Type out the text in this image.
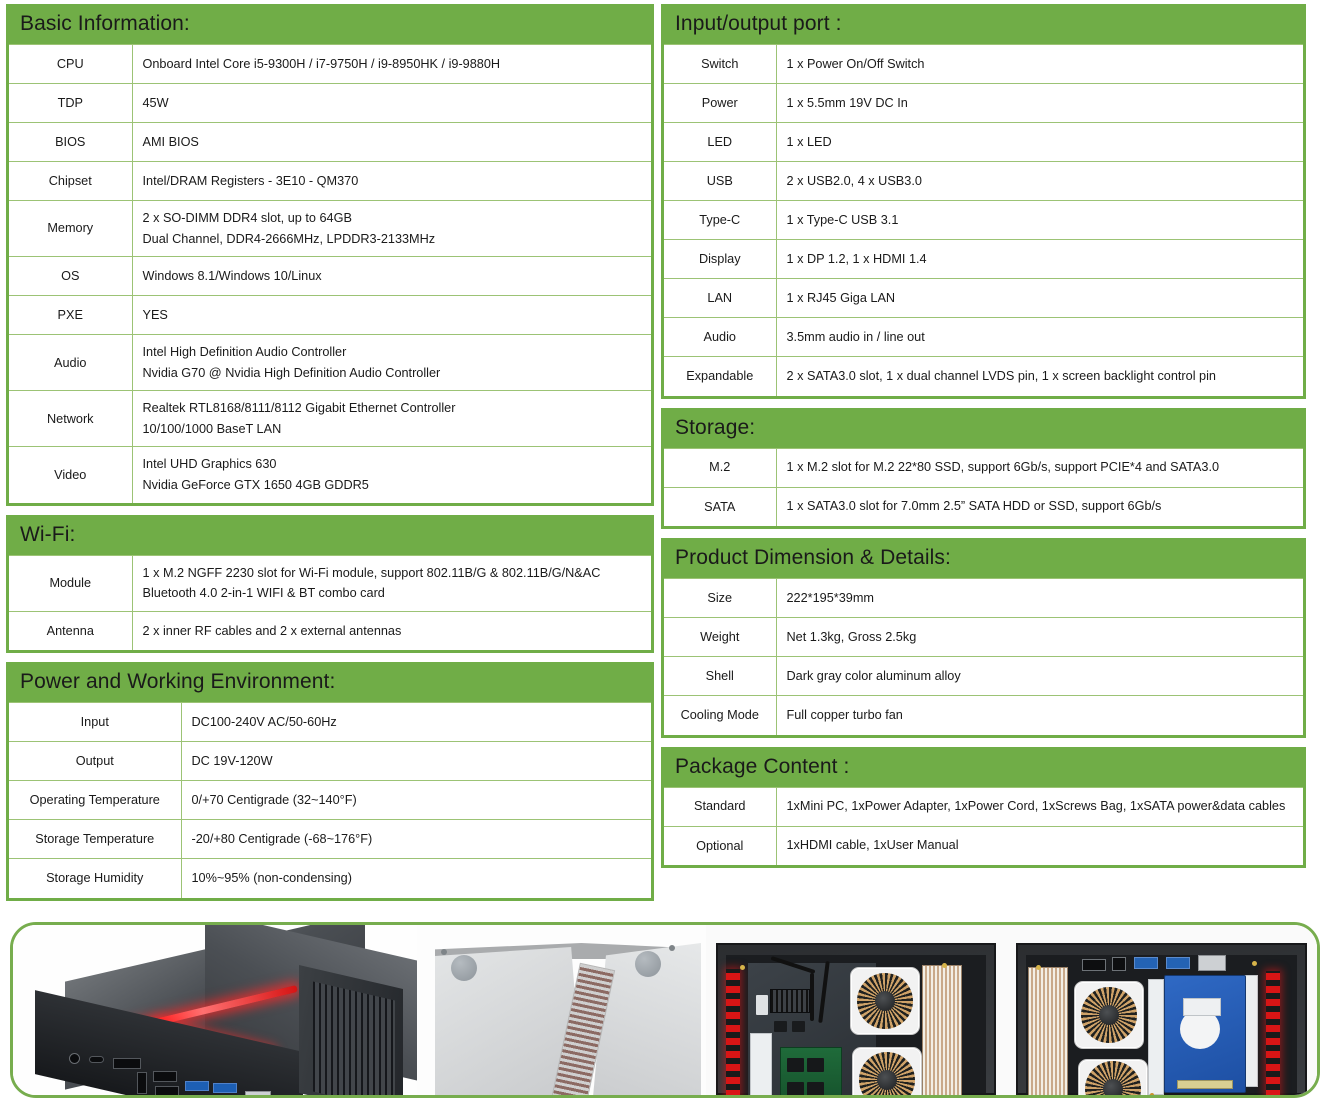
Basic Information:
CPU	Onboard Intel Core i5-9300H / i7-9750H / i9-8950HK / i9-9880H

TDP	45W

BIOS	AMI BIOS

Chipset	Intel/DRAM Registers - 3E10 - QM370

Memory	2 x SO-DIMM DDR4 slot, up to 64GB
Dual Channel, DDR4-2666MHz, LPDDR3-2133MHz

OS	Windows 8.1/Windows 10/Linux

PXE	YES

Audio	Intel High Definition Audio Controller
Nvidia G70 @ Nvidia High Definition Audio Controller

Network	Realtek RTL8168/8111/8112 Gigabit Ethernet Controller
10/100/1000 BaseT LAN

Video	Intel UHD Graphics 630
Nvidia GeForce GTX 1650 4GB GDDR5
Wi-Fi:
Module	1 x M.2 NGFF 2230 slot for Wi-Fi module, support 802.11B/G & 802.11B/G/N&AC
Bluetooth 4.0 2-in-1 WIFI & BT combo card

Antenna	2 x inner RF cables and 2 x external antennas
Power and Working Environment:
Input	DC100-240V AC/50-60Hz

Output	DC 19V-120W

Operating Temperature	0/+70 Centigrade (32~140°F)

Storage Temperature	-20/+80 Centigrade (-68~176°F)

Storage Humidity	10%~95% (non-condensing)
Input/output port :
Switch	1 x Power On/Off Switch

Power	1 x 5.5mm 19V DC In

LED	1 x LED

USB	2 x USB2.0, 4 x USB3.0

Type-C	1 x Type-C USB 3.1

Display	1 x DP 1.2, 1 x HDMI 1.4

LAN	1 x RJ45 Giga LAN

Audio	3.5mm audio in / line out

Expandable	2 x SATA3.0 slot, 1 x dual channel LVDS pin, 1 x screen backlight control pin
Storage:
M.2	1 x M.2 slot for M.2 22*80 SSD, support 6Gb/s, support PCIE*4 and SATA3.0

SATA	1 x SATA3.0 slot for 7.0mm 2.5” SATA HDD or SSD, support 6Gb/s
Product Dimension & Details:
Size	222*195*39mm

Weight	Net 1.3kg, Gross 2.5kg

Shell	Dark gray color aluminum alloy

Cooling Mode	Full copper turbo fan
Package Content :
Standard	1xMini PC, 1xPower Adapter, 1xPower Cord, 1xScrews Bag, 1xSATA power&data cables

Optional	1xHDMI cable, 1xUser Manual
